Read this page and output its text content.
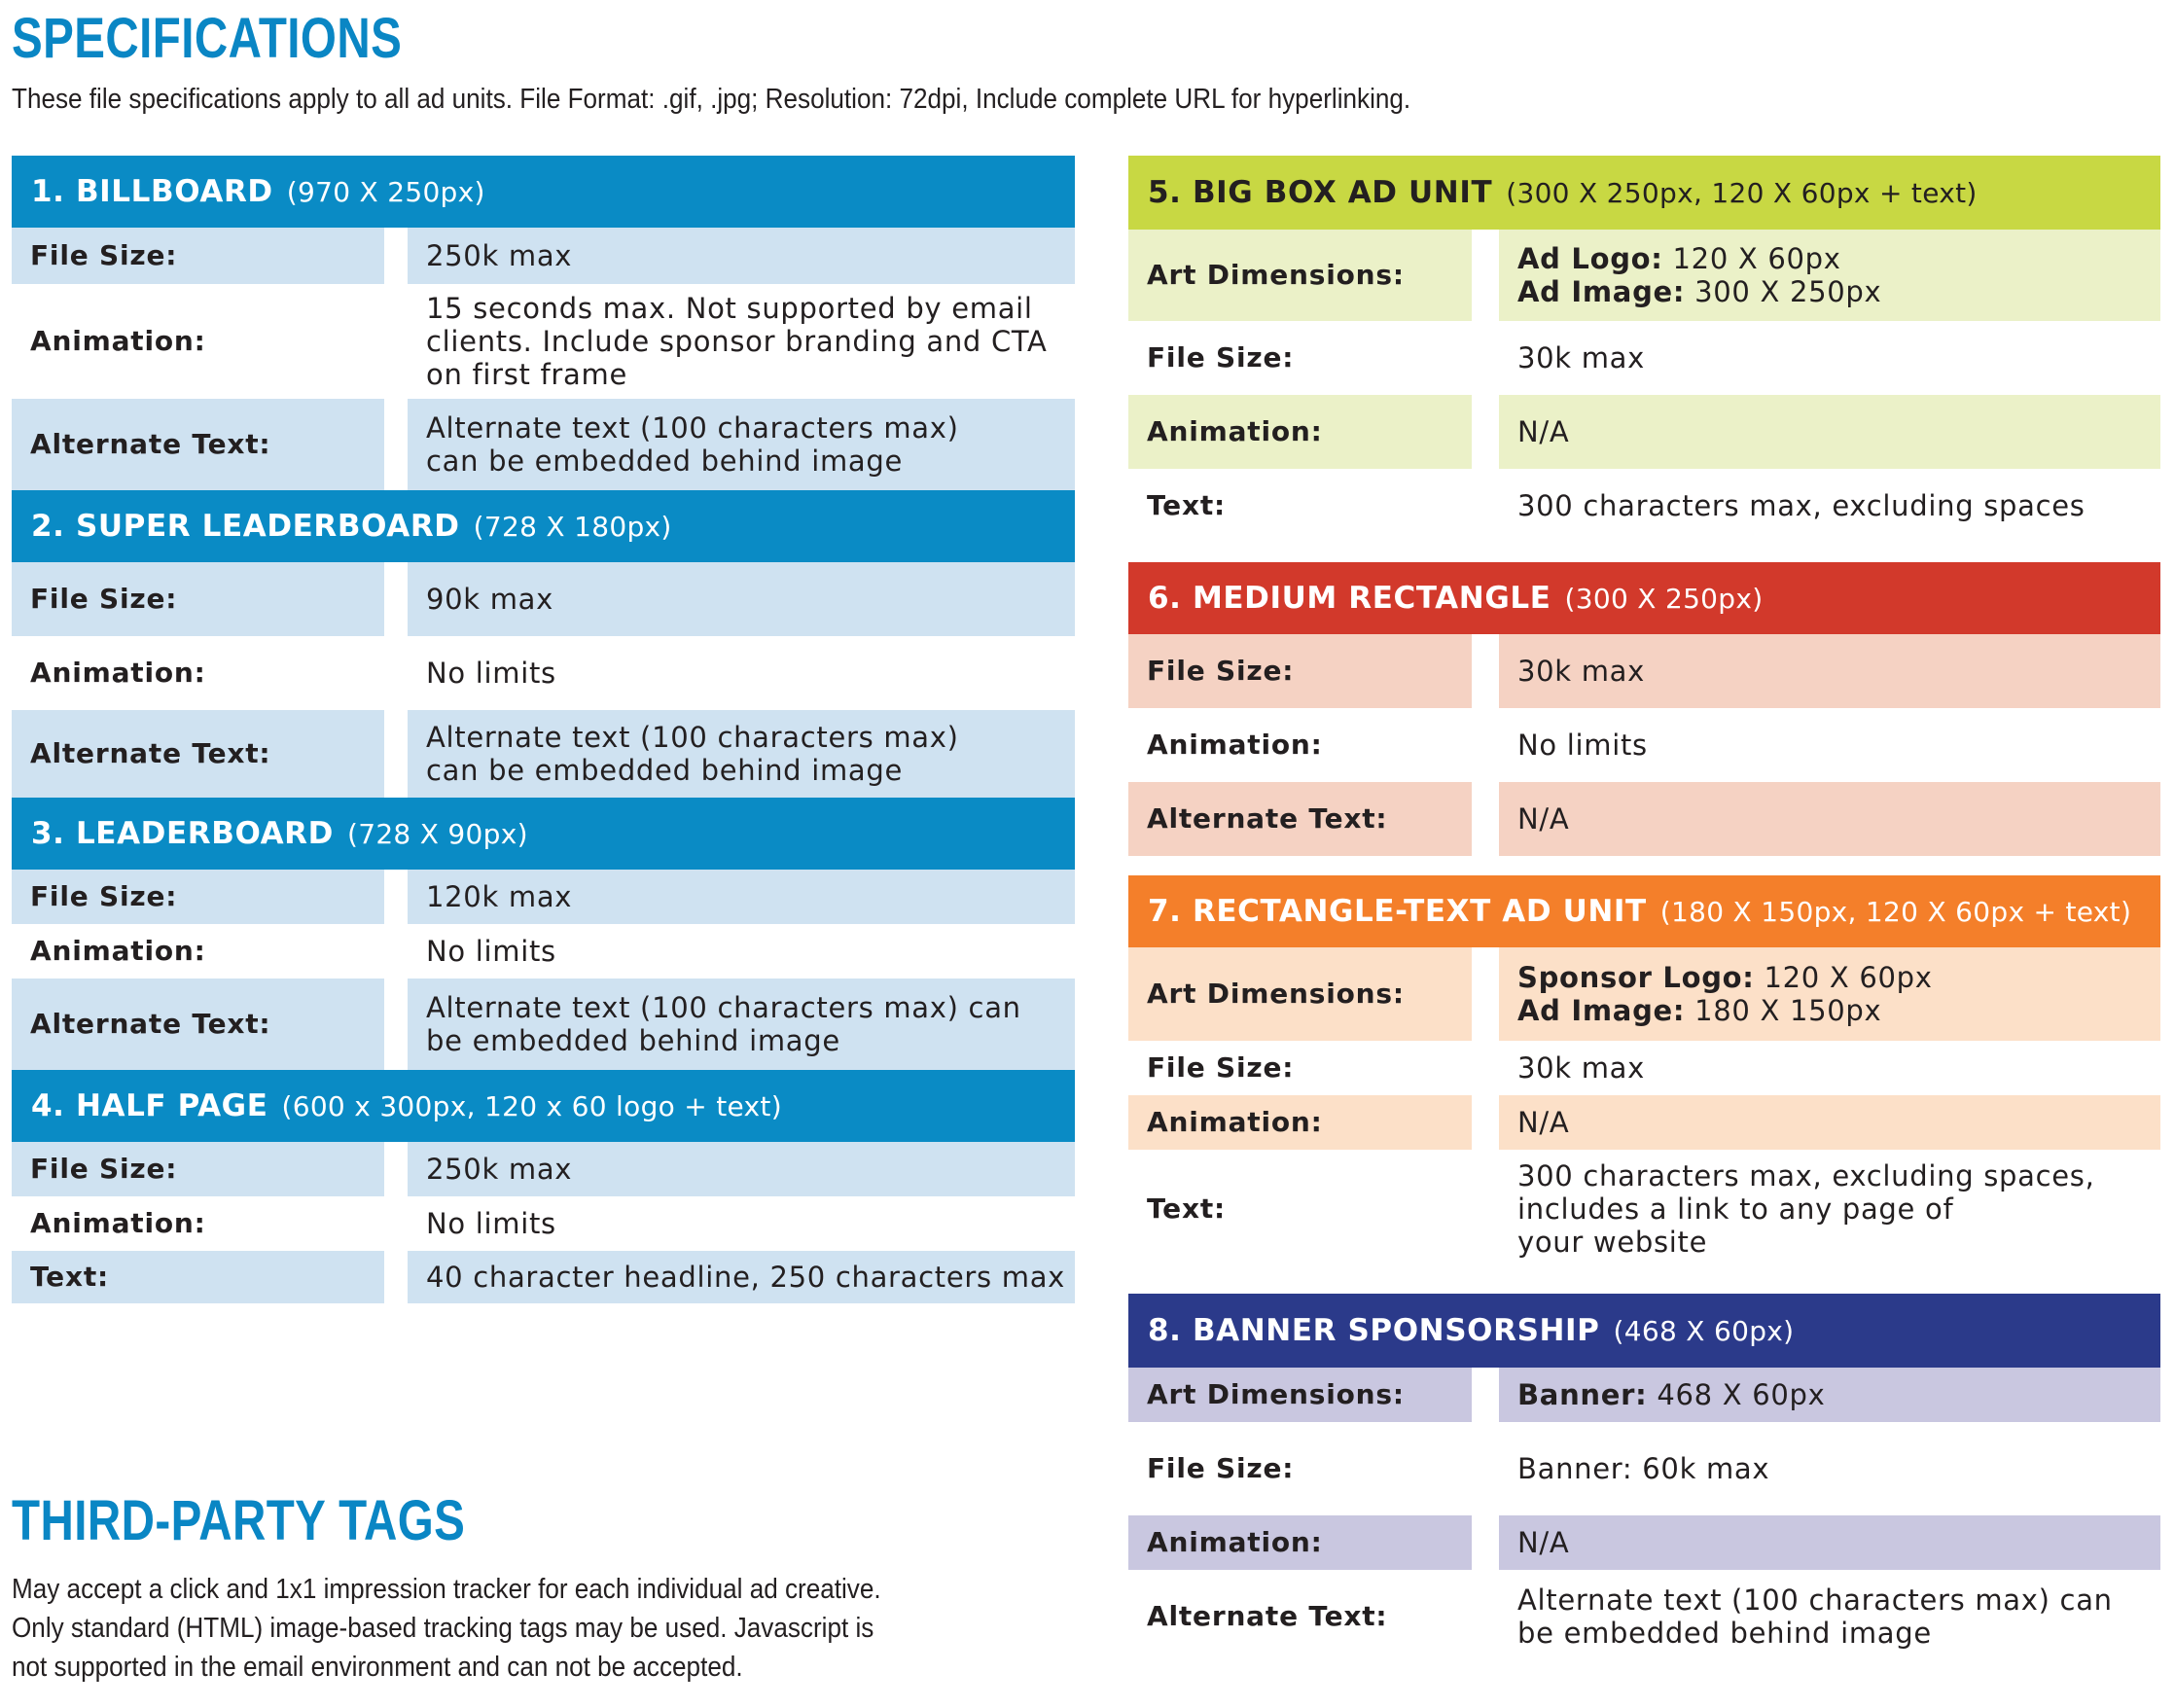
SPECIFICATIONS

These file specifications apply to all ad units. File Format: .gif, .jpg; Resolution: 72dpi, Include complete URL for hyperlinking.

1. BILLBOARD (970 X 250px)
File Size:	250k max
Animation:
15 seconds max. Not supported by email
clients. Include sponsor branding and CTA
on first frame
Alternate Text:	Alternate text (100 characters max)
can be embedded behind image
2. SUPER LEADERBOARD (728 X 180px)
File Size:	90k max
Animation:	No limits
Alternate Text:	Alternate text (100 characters max)
can be embedded behind image
3. LEADERBOARD (728 X 90px)
File Size:	120k max
Animation:	No limits
Alternate Text:	Alternate text (100 characters max) can
be embedded behind image
4. HALF PAGE (600 x 300px, 120 x 60 logo + text)
File Size:	250k max
Animation:	No limits
Text:	40 character headline, 250 characters max
5. BIG BOX AD UNIT (300 X 250px, 120 X 60px + text)
Art Dimensions:	Ad Logo: 120 X 60px
Ad Image: 300 X 250px
File Size:	30k max
Animation:	N/A
Text:	300 characters max, excluding spaces
6. MEDIUM RECTANGLE (300 X 250px)
File Size:	30k max
Animation:	No limits
Alternate Text:	N/A
7. RECTANGLE-TEXT AD UNIT (180 X 150px, 120 X 60px + text)
Art Dimensions:	Sponsor Logo: 120 X 60px
Ad Image: 180 X 150px
File Size:	30k max
Animation:	N/A
Text:
300 characters max, excluding spaces,
includes a link to any page of
your website
8. BANNER SPONSORSHIP (468 X 60px)
Art Dimensions:	Banner: 468 X 60px
File Size:	Banner: 60k max
Animation:	N/A
Alternate Text:	Alternate text (100 characters max) can
be embedded behind image
THIRD-PARTY TAGS

May accept a click and 1x1 impression tracker for each individual ad creative.
Only standard (HTML) image-based tracking tags may be used. Javascript is
not supported in the email environment and can not be accepted.
